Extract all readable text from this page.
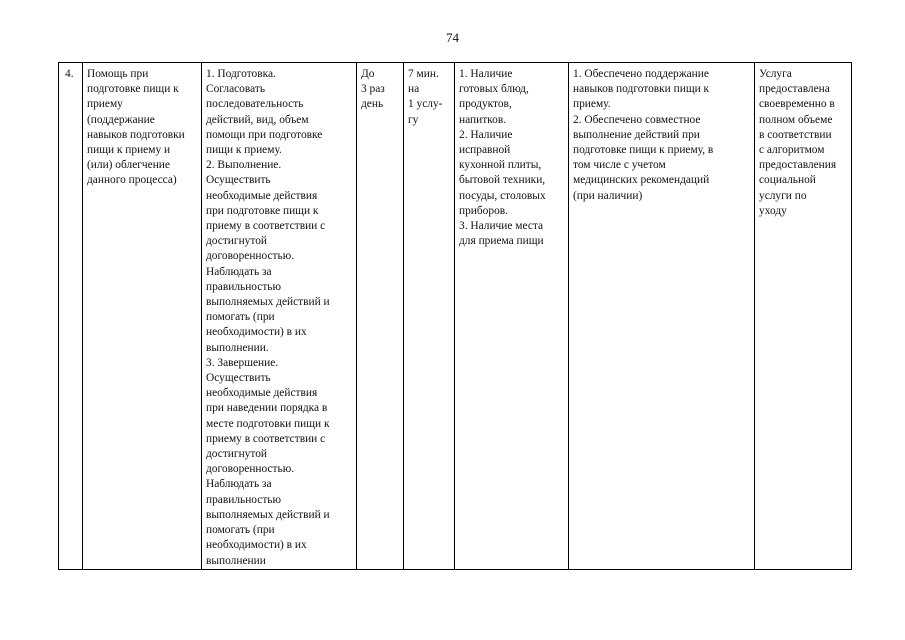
74
4.	Помощь при
подготовке пищи к
приему
(поддержание
навыков подготовки
пищи к приему и
(или) облегчение
данного процесса)	1. Подготовка.
Согласовать
последовательность
действий, вид, объем
помощи при подготовке
пищи к приему.
2. Выполнение.
Осуществить
необходимые действия
при подготовке пищи к
приему в соответствии с
достигнутой
договоренностью.
Наблюдать за
правильностью
выполняемых действий и
помогать (при
необходимости) в их
выполнении.
3. Завершение.
Осуществить
необходимые действия
при наведении порядка в
месте подготовки пищи к
приему в соответствии с
достигнутой
договоренностью.
Наблюдать за
правильностью
выполняемых действий и
помогать (при
необходимости) в их
выполнении	До
3 раз
день	7 мин.
на
1 услу-
гу	1. Наличие
готовых блюд,
продуктов,
напитков.
2. Наличие
исправной
кухонной плиты,
бытовой техники,
посуды, столовых
приборов.
3. Наличие места
для приема пищи	1. Обеспечено поддержание
навыков подготовки пищи к
приему.
2. Обеспечено совместное
выполнение действий при
подготовке пищи к приему, в
том числе с учетом
медицинских рекомендаций
(при наличии)	Услуга
предоставлена
своевременно в
полном объеме
в соответствии
с алгоритмом
предоставления
социальной
услуги по
уходу
